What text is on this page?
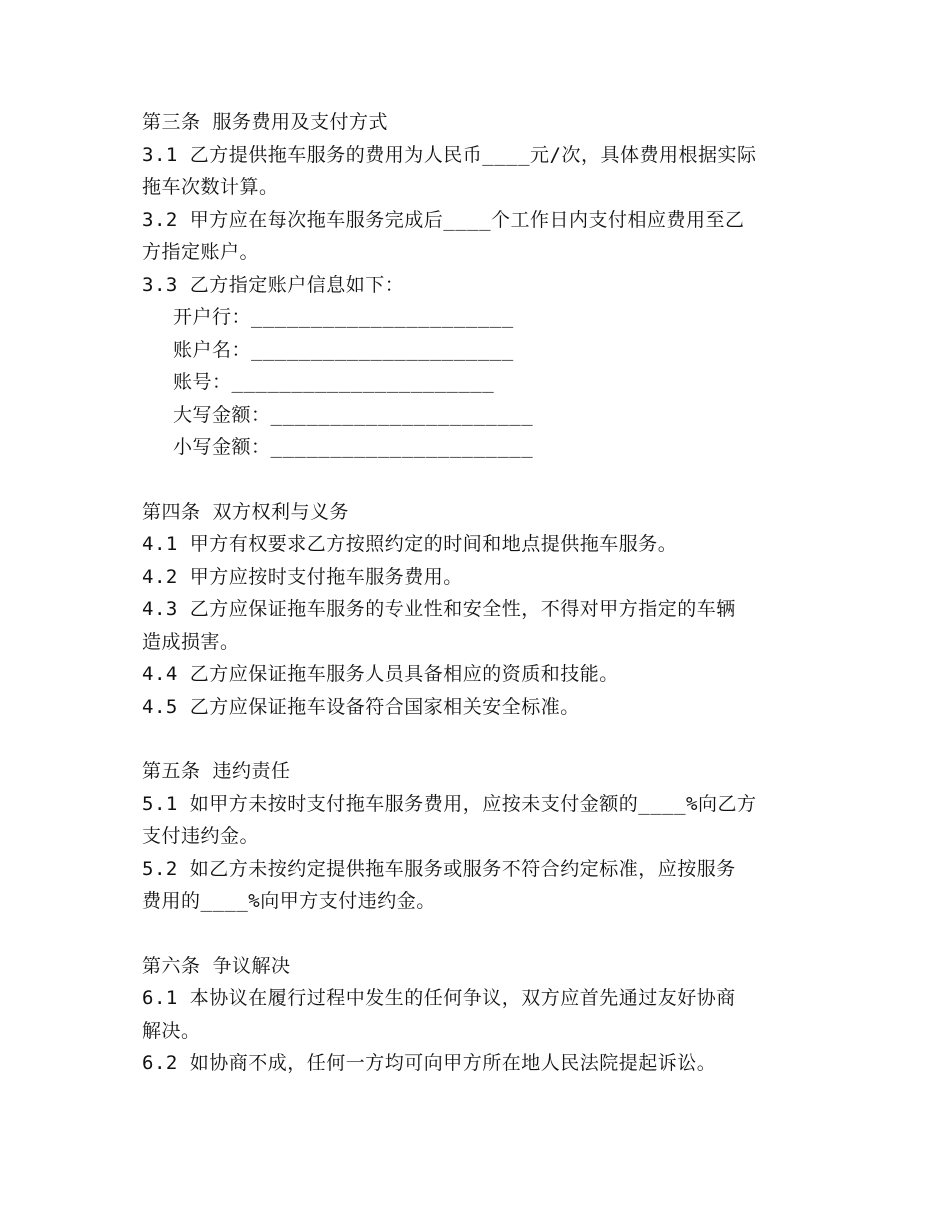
第三条 服务费用及支付方式

3.1 乙方提供拖车服务的费用为人民币____元/次，具体费用根据实际

拖车次数计算。

3.2 甲方应在每次拖车服务完成后____个工作日内支付相应费用至乙

方指定账户。

3.3 乙方指定账户信息如下：

开户行：______________________

账户名：______________________

账号：______________________

大写金额：______________________

小写金额：______________________

第四条 双方权利与义务

4.1 甲方有权要求乙方按照约定的时间和地点提供拖车服务。

4.2 甲方应按时支付拖车服务费用。

4.3 乙方应保证拖车服务的专业性和安全性，不得对甲方指定的车辆

造成损害。

4.4 乙方应保证拖车服务人员具备相应的资质和技能。

4.5 乙方应保证拖车设备符合国家相关安全标准。

第五条 违约责任

5.1 如甲方未按时支付拖车服务费用，应按未支付金额的____%向乙方

支付违约金。

5.2 如乙方未按约定提供拖车服务或服务不符合约定标准，应按服务

费用的____%向甲方支付违约金。

第六条 争议解决

6.1 本协议在履行过程中发生的任何争议，双方应首先通过友好协商

解决。

6.2 如协商不成，任何一方均可向甲方所在地人民法院提起诉讼。
